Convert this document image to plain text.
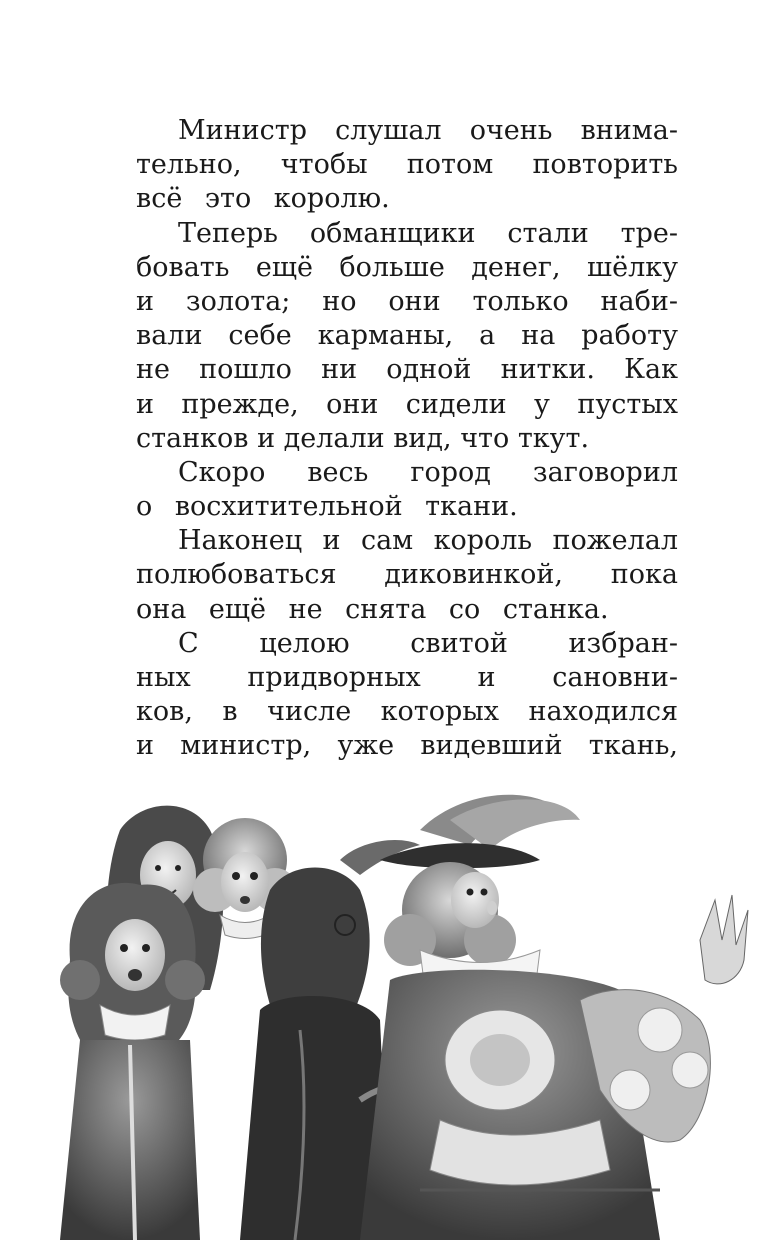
Министр слушал очень внима-
тельно, чтобы потом повторить
всё это королю.
Теперь обманщики стали тре-
бовать ещё больше денег, шёлку
и золота; но они только наби-
вали себе карманы, а на работу
не пошло ни одной нитки. Как
и прежде, они сидели у пустых
станков и делали вид, что ткут.
Скоро весь город заговорил
о восхитительной ткани.
Наконец и сам король пожелал
полюбоваться диковинкой, пока
она ещё не снята со станка.
С целою свитой избран-
ных придворных и сановни-
ков, в числе которых находился
и министр, уже видевший ткань,
